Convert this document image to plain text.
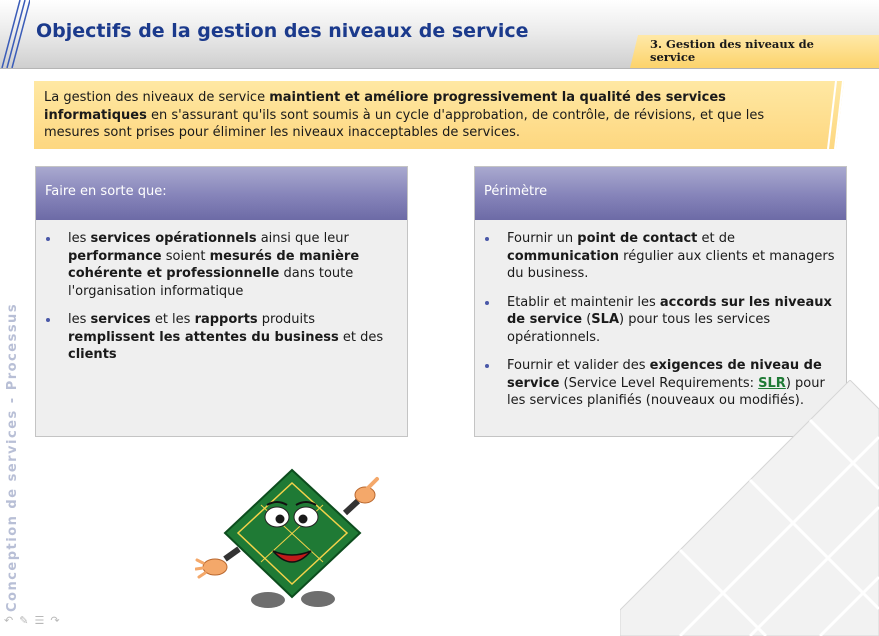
Objectifs de la gestion des niveaux de service
3. Gestion des niveaux de service
La gestion des niveaux de service maintient et améliore progressivement la qualité des services informatiques en s'assurant qu'ils sont soumis à un cycle d'approbation, de contrôle, de révisions, et que les mesures sont prises pour éliminer les niveaux inacceptables de services.
Faire en sorte que:
les services opérationnels ainsi que leur performance soient mesurés de manière cohérente et professionnelle dans toute l'organisation informatique
les services et les rapports produits remplissent les attentes du business et des clients
Périmètre
Fournir un point de contact et de communication régulier aux clients et managers du business.
Etablir et maintenir les accords sur les niveaux de service (SLA) pour tous les services opérationnels.
Fournir et valider des exigences de niveau de service (Service Level Requirements: SLR) pour les services planifiés (nouveaux ou modifiés).
Conception de services - Processus
↶ ✎ ☰ ↷
